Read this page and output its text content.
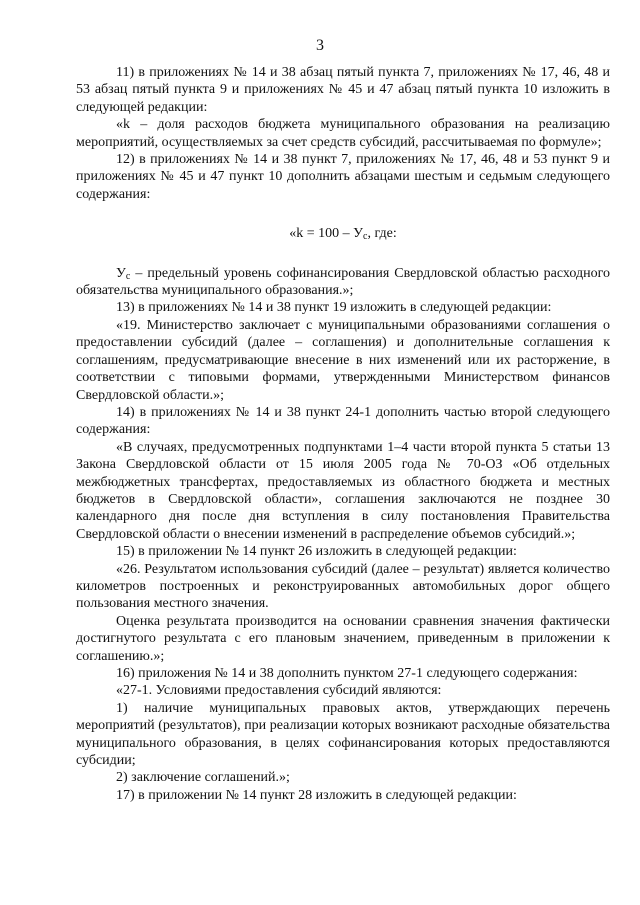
3

11) в приложениях № 14 и 38 абзац пятый пункта 7, приложениях № 17, 46, 48 и 53 абзац пятый пункта 9 и приложениях № 45 и 47 абзац пятый пункта 10 изложить в следующей редакции:

«k – доля расходов бюджета муниципального образования на реализацию мероприятий, осуществляемых за счет средств субсидий, рассчитываемая по формуле»;

12) в приложениях № 14 и 38 пункт 7, приложениях № 17, 46, 48 и 53 пункт 9 и приложениях № 45 и 47 пункт 10 дополнить абзацами шестым и седьмым следующего содержания:

«$k = 100 - У_с$, где:

$У_с$ – предельный уровень софинансирования Свердловской областью расходного обязательства муниципального образования.»;

13) в приложениях № 14 и 38 пункт 19 изложить в следующей редакции:

«19. Министерство заключает с муниципальными образованиями соглашения о предоставлении субсидий (далее – соглашения) и дополнительные соглашения к соглашениям, предусматривающие внесение в них изменений или их расторжение, в соответствии с типовыми формами, утвержденными Министерством финансов Свердловской области.»;

14) в приложениях № 14 и 38 пункт 24-1 дополнить частью второй следующего содержания:

«В случаях, предусмотренных подпунктами 1–4 части второй пункта 5 статьи 13 Закона Свердловской области от 15 июля 2005 года № 70-ОЗ «Об отдельных межбюджетных трансфертах, предоставляемых из областного бюджета и местных бюджетов в Свердловской области», соглашения заключаются не позднее 30 календарного дня после дня вступления в силу постановления Правительства Свердловской области о внесении изменений в распределение объемов субсидий.»;

15) в приложении № 14 пункт 26 изложить в следующей редакции:

«26. Результатом использования субсидий (далее – результат) является количество километров построенных и реконструированных автомобильных дорог общего пользования местного значения.

Оценка результата производится на основании сравнения значения фактически достигнутого результата с его плановым значением, приведенным в приложении к соглашению.»;

16) приложения № 14 и 38 дополнить пунктом 27-1 следующего содержания:

«27-1. Условиями предоставления субсидий являются:

1) наличие муниципальных правовых актов, утверждающих перечень мероприятий (результатов), при реализации которых возникают расходные обязательства муниципального образования, в целях софинансирования которых предоставляются субсидии;

2) заключение соглашений.»;

17) в приложении № 14 пункт 28 изложить в следующей редакции:
